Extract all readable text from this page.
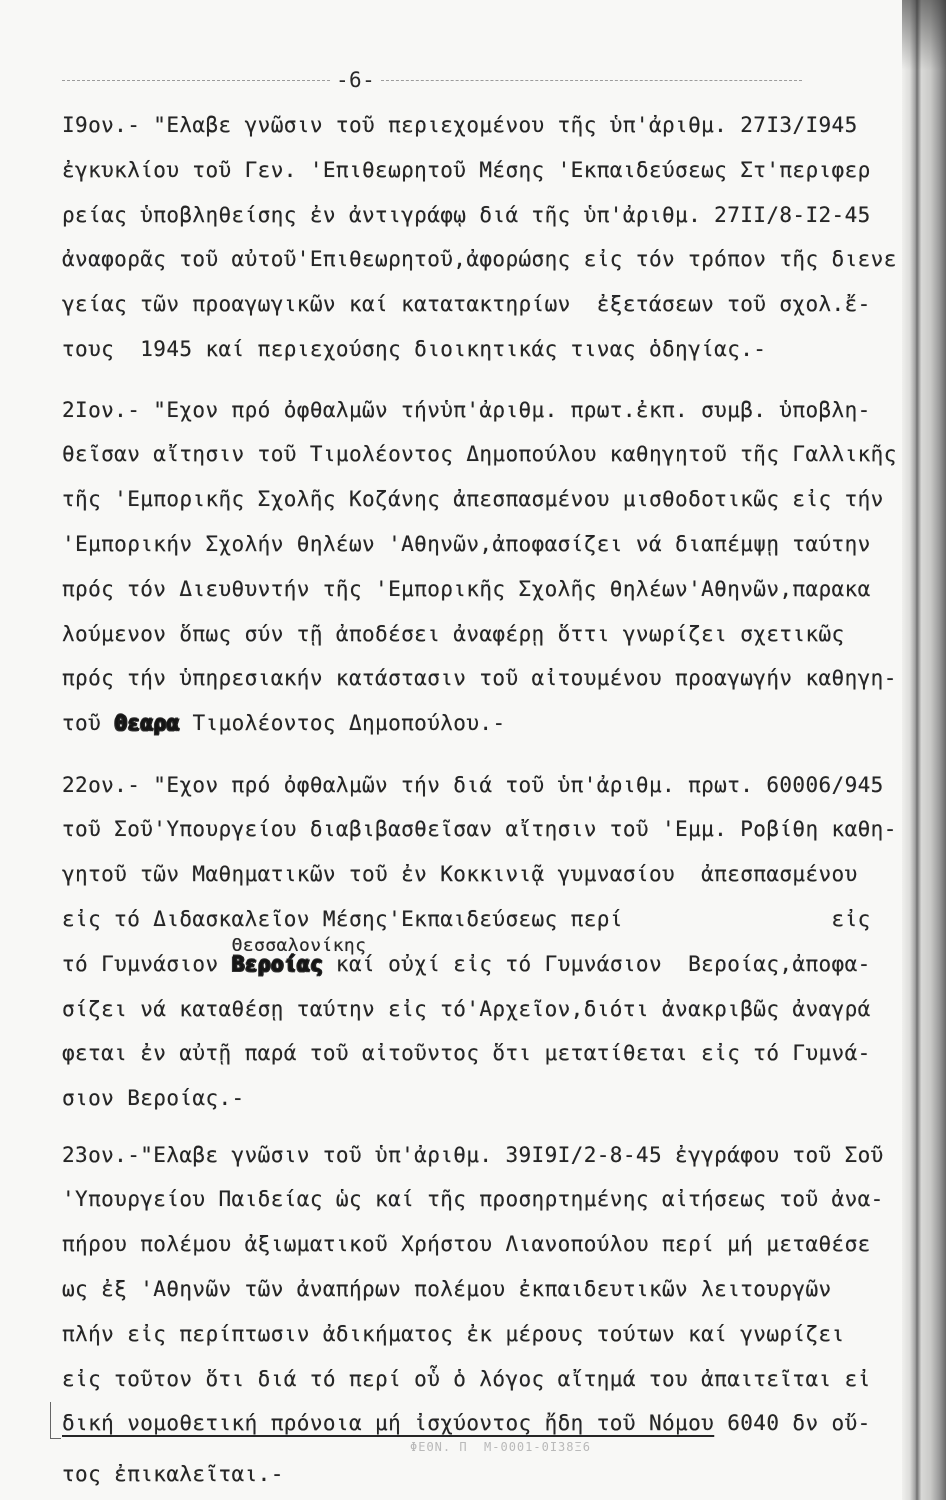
-6-
I9ον.- "Ελαβε γνῶσιν τοῦ περιεχομένου τῆς ὑπ'ἀριθμ. 27I3/I945
ἐγκυκλίου τοῦ Γεν. 'Επιθεωρητοῦ Μέσης 'Εκπαιδεύσεως Στ'περιφερ
ρείας ὑποβληθείσης ἐν ἀντιγράφῳ διά τῆς ὑπ'ἀριθμ. 27II/8-I2-45
ἀναφορᾶς τοῦ αὐτοῦ'Επιθεωρητοῦ,ἀφορώσης εἰς τόν τρόπον τῆς διενε
γείας τῶν προαγωγικῶν καί κατατακτηρίων  ἐξετάσεων τοῦ σχολ.ἔ-
τους  1945 καί περιεχούσης διοικητικάς τινας ὁδηγίας.-
2Iον.- "Εχον πρό ὀφθαλμῶν τήνὑπ'ἀριθμ. πρωτ.ἐκπ. συμβ. ὑποβλη-
θεῖσαν αἴτησιν τοῦ Τιμολέοντος Δημοπούλου καθηγητοῦ τῆς Γαλλικῆς
τῆς 'Εμπορικῆς Σχολῆς Κοζάνης ἀπεσπασμένου μισθοδοτικῶς εἰς τήν
'Εμπορικήν Σχολήν θηλέων 'Αθηνῶν,ἀποφασίζει νά διαπέμψῃ ταύτην
πρός τόν Διευθυντήν τῆς 'Εμπορικῆς Σχολῆς θηλέων'Αθηνῶν,παρακα
λούμενον ὅπως σύν τῇ ἀποδέσει ἀναφέρῃ ὅττι γνωρίζει σχετικῶς
πρός τήν ὑπηρεσιακήν κατάστασιν τοῦ αἰτουμένου προαγωγήν καθηγη-
τοῦ Θεαρα Τιμολέοντος Δημοπούλου.-
22ον.- "Εχον πρό ὀφθαλμῶν τήν διά τοῦ ὑπ'ἀριθμ. πρωτ. 60006/945
τοῦ Σοῦ'Υπουργείου διαβιβασθεῖσαν αἴτησιν τοῦ 'Εμμ. Ροβίθη καθη-
γητοῦ τῶν Μαθηματικῶν τοῦ ἐν Κοκκινιᾷ γυμνασίου  ἀπεσπασμένου
εἰς τό Διδασκαλεῖον Μέσης'Εκπαιδεύσεως περί                εἰς
τό Γυμνάσιον Βεροίας
Θεσσαλονίκης
καί οὐχί εἰς τό Γυμνάσιον  Βεροίας,ἀποφα-
σίζει νά καταθέσῃ ταύτην εἰς τό'Αρχεῖον,διότι ἀνακριβῶς ἀναγρά
φεται ἐν αὐτῇ παρά τοῦ αἰτοῦντος ὅτι μετατίθεται εἰς τό Γυμνά-
σιον Βεροίας.-
23ον.-"Ελαβε γνῶσιν τοῦ ὑπ'ἀριθμ. 39I9I/2-8-45 ἐγγράφου τοῦ Σοῦ
'Υπουργείου Παιδείας ὡς καί τῆς προσηρτημένης αἰτήσεως τοῦ ἀνα-
πήρου πολέμου ἀξιωματικοῦ Χρήστου Λιανοπούλου περί μή μεταθέσε
ως ἐξ 'Αθηνῶν τῶν ἀναπήρων πολέμου ἐκπαιδευτικῶν λειτουργῶν
πλήν εἰς περίπτωσιν ἀδικήματος ἐκ μέρους τούτων καί γνωρίζει
εἰς τοῦτον ὅτι διά τό περί οὗ ὁ λόγος αἴτημά του ἀπαιτεῖται εἰ
δική νομοθετική πρόνοια μή ἰσχύοντος ἤδη τοῦ Νόμου 6040 δν οὔ-
τος ἐπικαλεῖται.-
ΦΕΘΝ. Π  Μ-0001-0Ι38Ξ6
